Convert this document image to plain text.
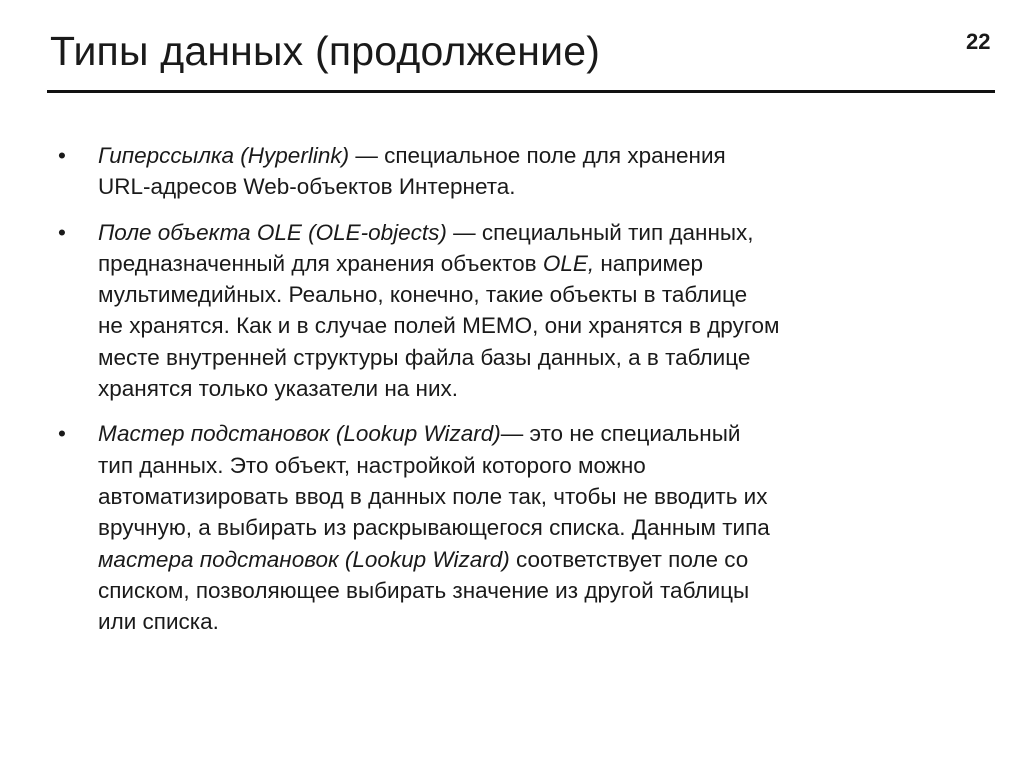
Типы данных (продолжение)	22
• Гиперссылка (Hyperlink) — специальное поле для хранения
URL-адресов Web-объектов Интернета.
• Поле объекта OLE (OLE-objects) — специальный тип данных,
предназначенный для хранения объектов OLE, например
мультимедийных. Реально, конечно, такие объекты в таблице
не хранятся. Как и в случае полей МЕМО, они хранятся в другом
месте внутренней структуры файла базы данных, а в таблице
хранятся только указатели на них.
• Мастер подстановок (Lookup Wizard)— это не специальный
тип данных. Это объект, настройкой которого можно
автоматизировать ввод в данных поле так, чтобы не вводить их
вручную, а выбирать из раскрывающегося списка. Данным типа
мастера подстановок (Lookup Wizard) соответствует поле со
списком, позволяющее выбирать значение из другой таблицы
или списка.
